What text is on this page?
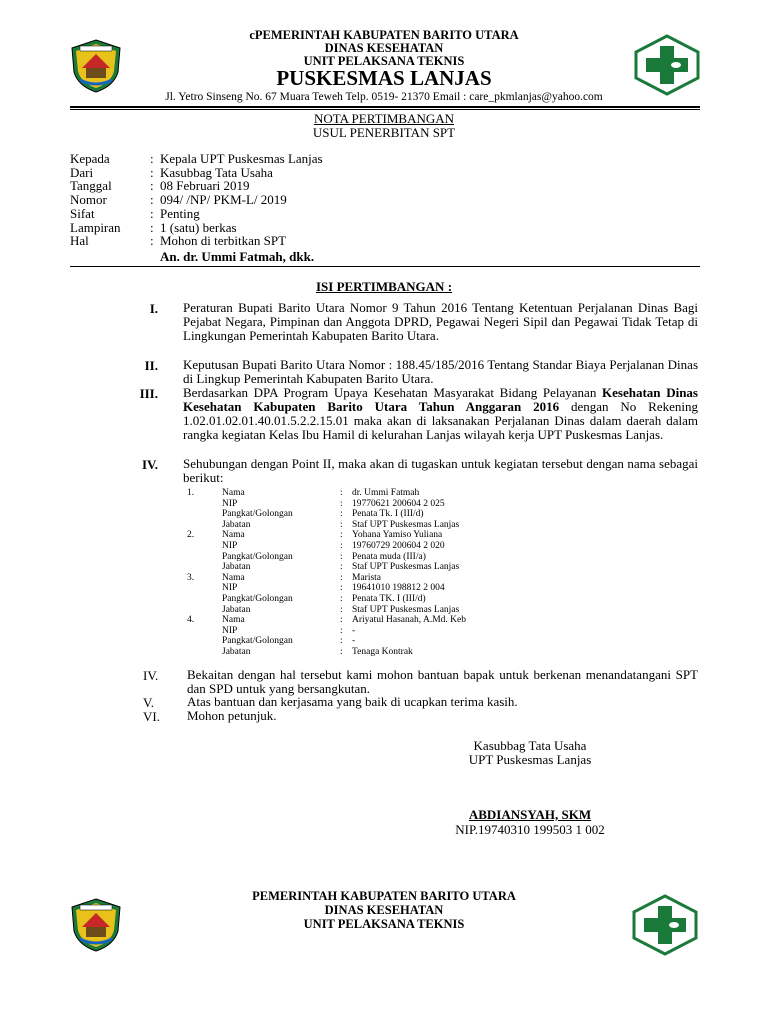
cPEMERINTAH KABUPATEN BARITO UTARA
DINAS KESEHATAN
UNIT PELAKSANA TEKNIS
PUSKESMAS LANJAS
Jl. Yetro Sinseng No. 67 Muara Teweh Telp. 0519- 21370 Email : care_pkmlanjas@yahoo.com
NOTA PERTIMBANGAN
USUL PENERBITAN SPT
Kepada	: Kepala UPT Puskesmas Lanjas
Dari	: Kasubbag Tata Usaha
Tanggal	: 08 Februari 2019
Nomor	: 094/ /NP/ PKM-L/ 2019
Sifat	: Penting
Lampiran : 1 (satu) berkas
Hal	: Mohon di terbitkan SPT
An. dr. Ummi Fatmah, dkk.
ISI PERTIMBANGAN :
I. Peraturan Bupati Barito Utara Nomor 9 Tahun 2016 Tentang Ketentuan Perjalanan Dinas Bagi Pejabat Negara, Pimpinan dan Anggota DPRD, Pegawai Negeri Sipil dan Pegawai Tidak Tetap di Lingkungan Pemerintah Kabupaten Barito Utara.
II. Keputusan Bupati Barito Utara Nomor : 188.45/185/2016 Tentang Standar Biaya Perjalanan Dinas di Lingkup Pemerintah Kabupaten Barito Utara.
III. Berdasarkan DPA Program Upaya Kesehatan Masyarakat Bidang Pelayanan Kesehatan Dinas Kesehatan Kabupaten Barito Utara Tahun Anggaran 2016 dengan No Rekening 1.02.01.02.01.40.01.5.2.2.15.01 maka akan di laksanakan Perjalanan Dinas dalam daerah dalam rangka kegiatan Kelas Ibu Hamil di kelurahan Lanjas wilayah kerja UPT Puskesmas Lanjas.
IV. Sehubungan dengan Point II, maka akan di tugaskan untuk kegiatan tersebut dengan nama sebagai berikut:
1.	Nama	: dr. Ummi Fatmah
NIP	: 19770621 200604 2 025
Pangkat/Golongan	: Penata Tk. I (III/d)
Jabatan	: Staf UPT Puskesmas Lanjas
2.	Nama	: Yohana Yamiso Yuliana
NIP	: 19760729 200604 2 020
Pangkat/Golongan	: Penata muda (III/a)
Jabatan	: Staf UPT Puskesmas Lanjas
3.	Nama	: Marista
NIP	: 19641010 198812 2 004
Pangkat/Golongan	: Penata TK. I (III/d)
Jabatan	: Staf UPT Puskesmas Lanjas
4.	Nama	: Ariyatul Hasanah, A.Md. Keb
NIP	: -
Pangkat/Golongan	: -
Jabatan	: Tenaga Kontrak
IV. Bekaitan dengan hal tersebut kami mohon bantuan bapak untuk berkenan menandatangani SPT dan SPD untuk yang bersangkutan.
V.	Atas bantuan dan kerjasama yang baik di ucapkan terima kasih.
VI. Mohon petunjuk.
Kasubbag Tata Usaha
UPT Puskesmas Lanjas
ABDIANSYAH, SKM
NIP.19740310 199503 1 002
PEMERINTAH KABUPATEN BARITO UTARA
DINAS KESEHATAN
UNIT PELAKSANA TEKNIS
